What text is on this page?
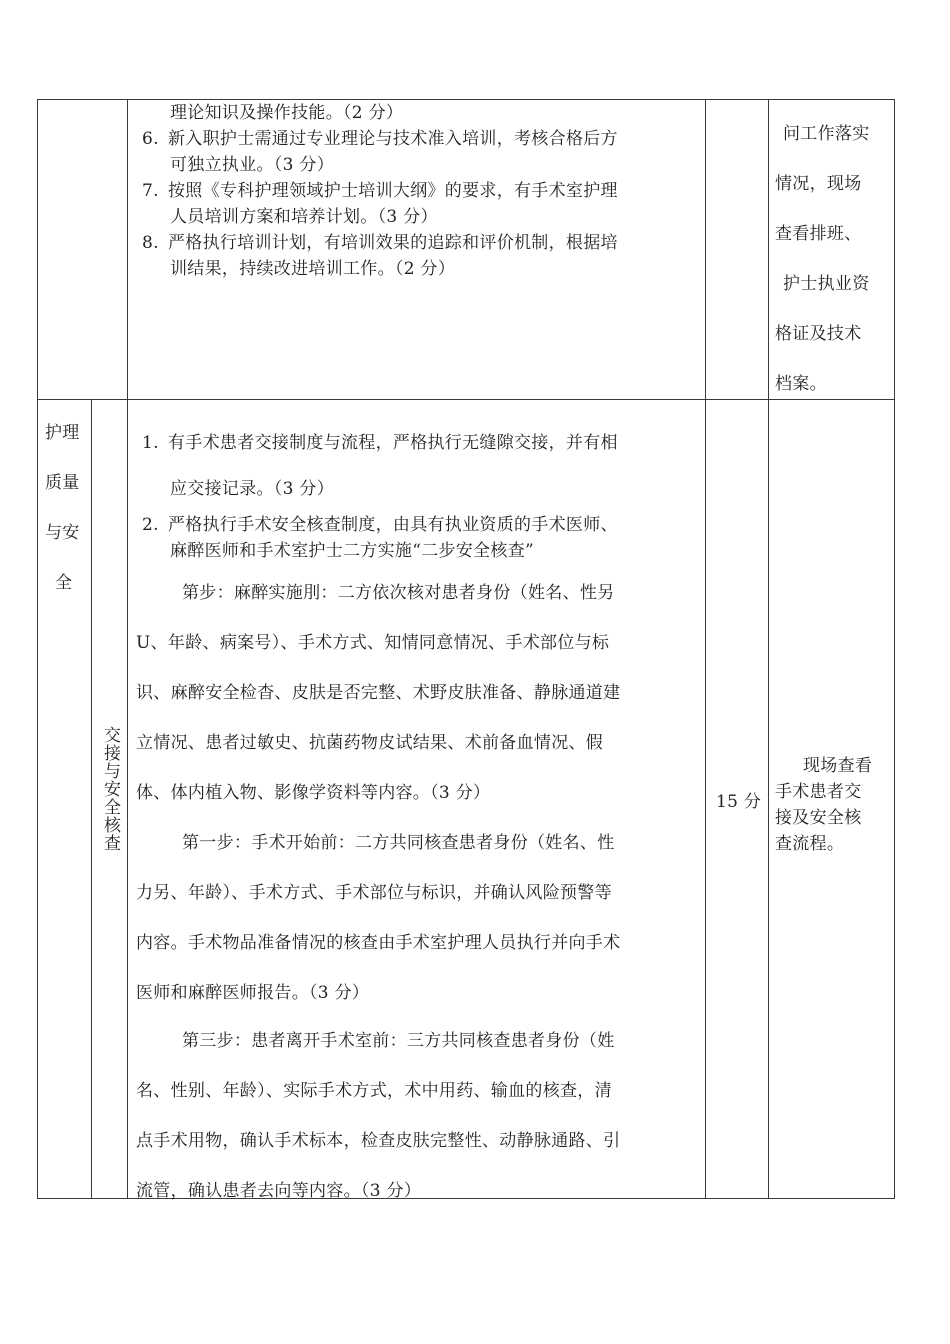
理论知识及操作技能。（2 分）
6. 新入职护士需通过专业理论与技术准入培训，考核合格后方
可独立执业。（3 分）
7. 按照《专科护理领域护士培训大纲》的要求，有手术室护理
人员培训方案和培养计划。（3 分）
8. 严格执行培训计划，有培训效果的追踪和评价机制，根据培
训结果，持续改进培训工作。（2 分）
问工作落实
情况，现场
查看排班、
护士执业资
格证及技术
档案。
护理
质量
与安
全
交接与安全核查
1. 有手术患者交接制度与流程，严格执行无缝隙交接，并有相
应交接记录。（3 分）
2. 严格执行手术安全核查制度，由具有执业资质的手术医师、
麻醉医师和手术室护士二方实施“二步安全核查”
第步：麻醉实施刖：二方依次核对患者身份（姓名、性另
U、年龄、病案号）、手术方式、知情同意情况、手术部位与标
识、麻醉安全检杳、皮肤是否完整、术野皮肤准备、静脉通道建
立情况、患者过敏史、抗菌药物皮试结果、术前备血情况、假
体、体内植入物、影像学资料等内容。（3 分）
第一步：手术开始前：二方共同核查患者身份（姓名、性
力另、年龄）、手术方式、手术部位与标识，并确认风险预警等
内容。手术物品准备情况的核查由手术室护理人员执行并向手术
医师和麻醉医师报告。（3 分）
第三步：患者离开手术室前：三方共同核查患者身份（姓
名、性别、年龄）、实际手术方式，术中用药、输血的核查，清
点手术用物，确认手术标本，检查皮肤完整性、动静脉通路、引
流管，确认患者去向等内容。（3 分）
15 分
现场查看
手术患者交
接及安全核
查流程。
